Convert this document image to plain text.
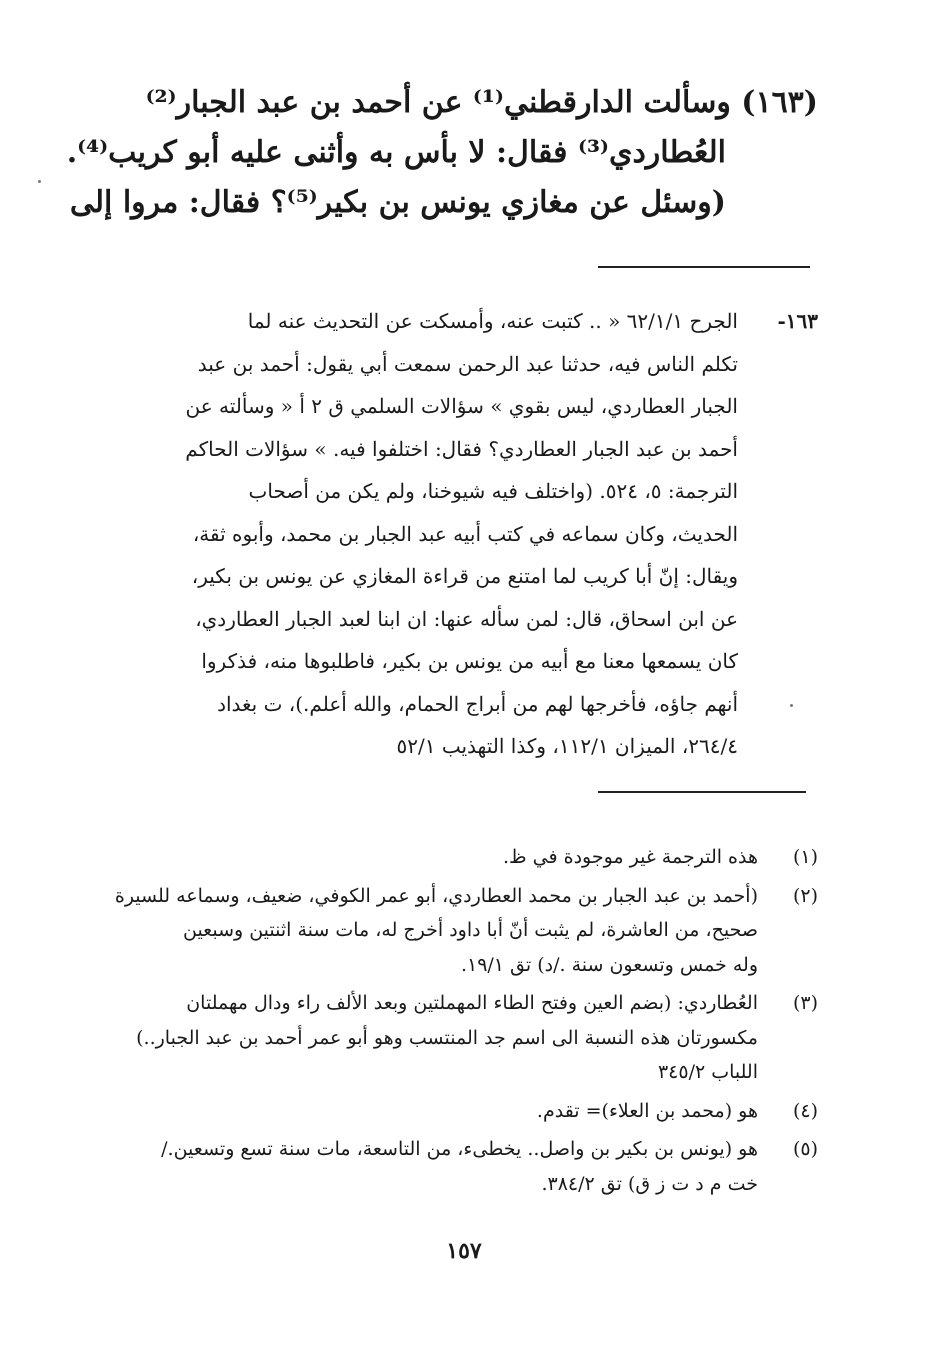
(١٦٣) وسألت الدارقطني⁽¹⁾ عن أحمد بن عبد الجبار⁽²⁾
العُطاردي⁽³⁾ فقال: لا بأس به وأثنى عليه أبو كريب⁽⁴⁾.
(وسئل عن مغازي يونس بن بكير⁽⁵⁾؟ فقال: مروا إلى
١٦٣-
الجرح ٦٢/١/١ « .. كتبت عنه، وأمسكت عن التحديث عنه لما
تكلم الناس فيه، حدثنا عبد الرحمن سمعت أبي يقول: أحمد بن عبد
الجبار العطاردي، ليس بقوي » سؤالات السلمي ق ٢ أ « وسألته عن
أحمد بن عبد الجبار العطاردي؟ فقال: اختلفوا فيه. » سؤالات الحاكم
الترجمة: ٥، ٥٢٤. (واختلف فيه شيوخنا، ولم يكن من أصحاب
الحديث، وكان سماعه في كتب أبيه عبد الجبار بن محمد، وأبوه ثقة،
ويقال: إنّ أبا كريب لما امتنع من قراءة المغازي عن يونس بن بكير،
عن ابن اسحاق، قال: لمن سأله عنها: ان ابنا لعبد الجبار العطاردي،
كان يسمعها معنا مع أبيه من يونس بن بكير، فاطلبوها منه، فذكروا
أنهم جاؤه، فأخرجها لهم من أبراج الحمام، والله أعلم.)، ت بغداد
٢٦٤/٤، الميزان ١١٢/١، وكذا التهذيب ٥٢/١
(١)
هذه الترجمة غير موجودة في ظ.
(٢)
(أحمد بن عبد الجبار بن محمد العطاردي، أبو عمر الكوفي، ضعيف، وسماعه للسيرة
صحيح، من العاشرة، لم يثبت أنّ أبا داود أخرج له، مات سنة اثنتين وسبعين
وله خمس وتسعون سنة ./د) تق ١٩/١.
(٣)
العُطاردي: (بضم العين وفتح الطاء المهملتين وبعد الألف راء ودال مهملتان
مكسورتان هذه النسبة الى اسم جد المنتسب وهو أبو عمر أحمد بن عبد الجبار..)
اللباب ٣٤٥/٢
(٤)
هو (محمد بن العلاء)= تقدم.
(٥)
هو (يونس بن بكير بن واصل.. يخطىء، من التاسعة، مات سنة تسع وتسعين./
خت م د ت ز ق) تق ٣٨٤/٢.
١٥٧
